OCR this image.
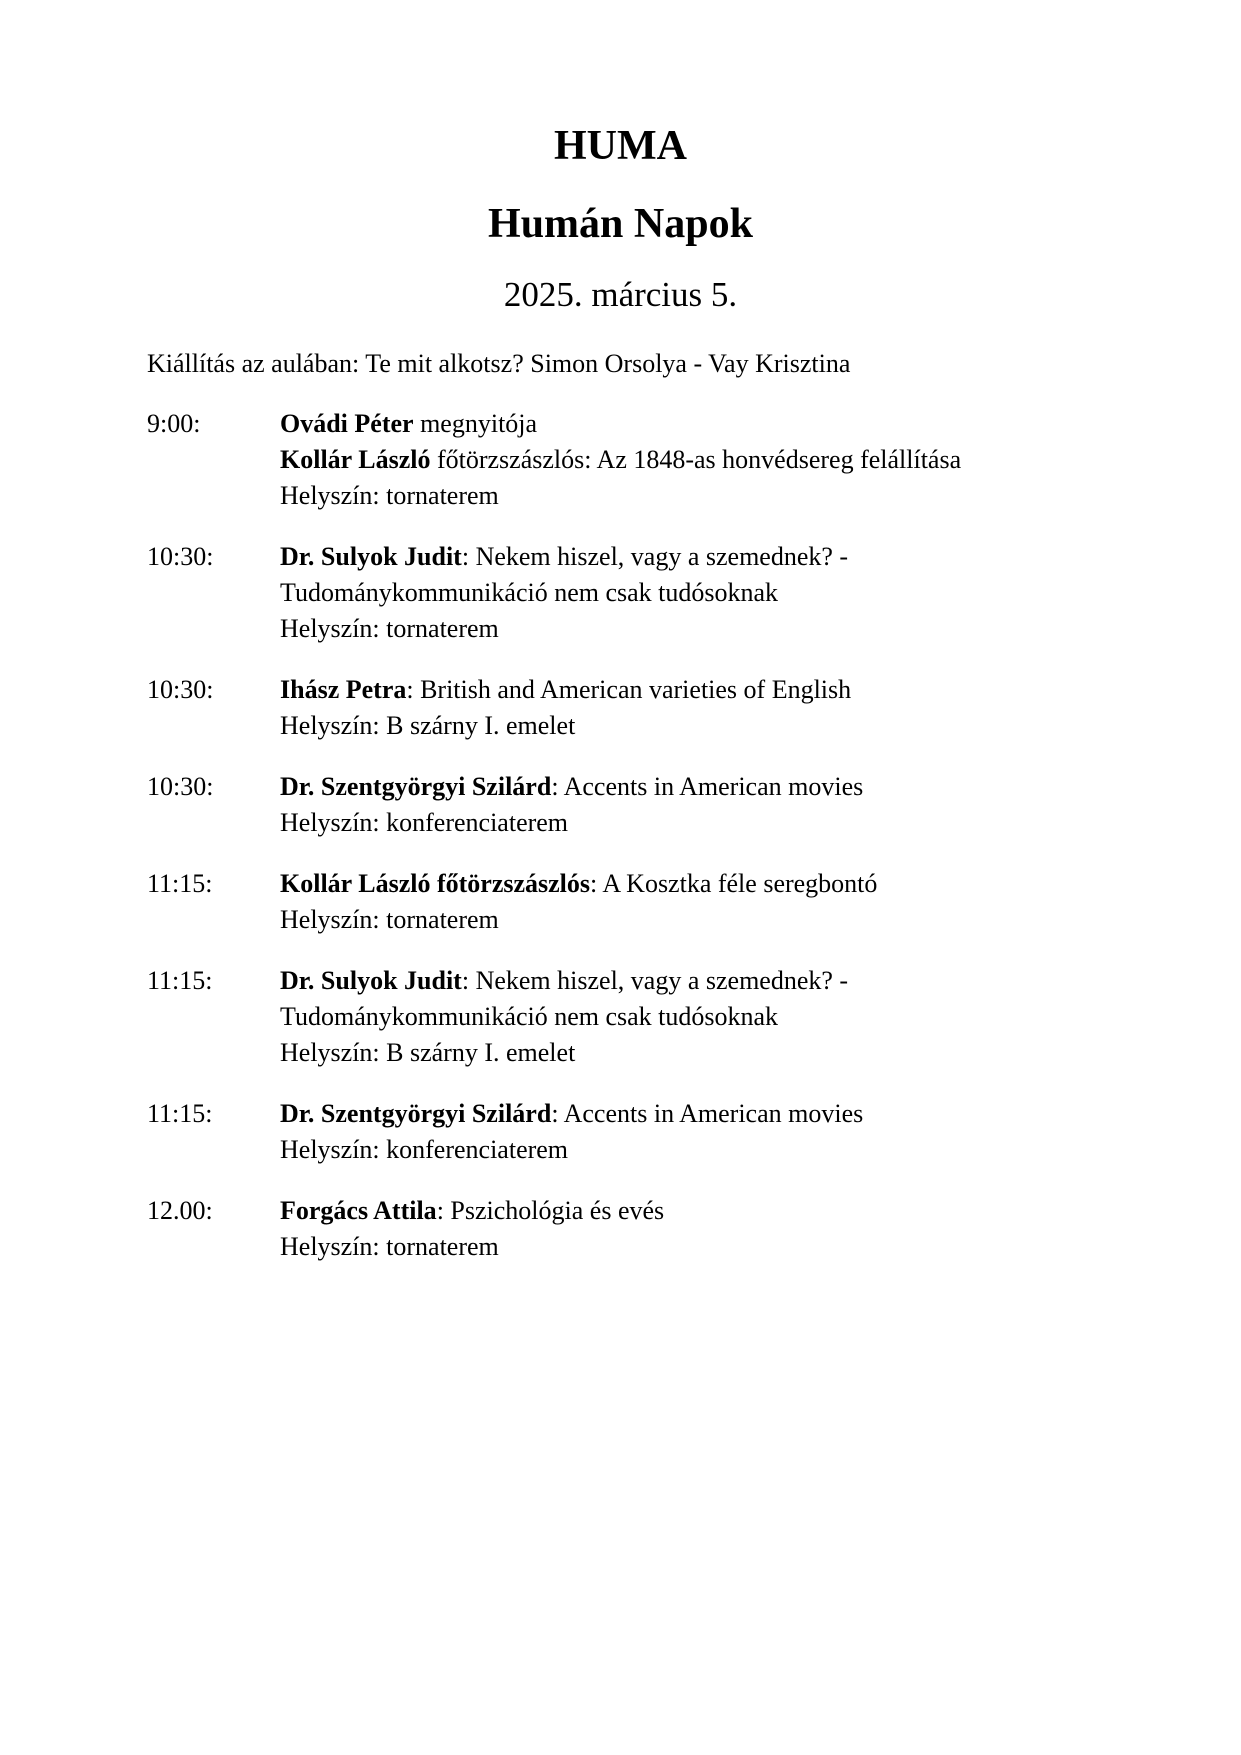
HUMA
Humán Napok
2025. március 5.
Kiállítás az aulában: Te mit alkotsz? Simon Orsolya - Vay Krisztina
9:00:	Ovádi Péter megnyitója
Kollár László főtörzszászlós: Az 1848-as honvédsereg felállítása
Helyszín: tornaterem
10:30:	Dr. Sulyok Judit: Nekem hiszel, vagy a szemednek? -
Tudománykommunikáció nem csak tudósoknak
Helyszín: tornaterem
10:30:	Ihász Petra: British and American varieties of English
Helyszín: B szárny I. emelet
10:30:	Dr. Szentgyörgyi Szilárd: Accents in American movies
Helyszín: konferenciaterem
11:15:	Kollár László főtörzszászlós: A Kosztka féle seregbontó
Helyszín: tornaterem
11:15:	Dr. Sulyok Judit: Nekem hiszel, vagy a szemednek? -
Tudománykommunikáció nem csak tudósoknak
Helyszín: B szárny I. emelet
11:15:	Dr. Szentgyörgyi Szilárd: Accents in American movies
Helyszín: konferenciaterem
12.00:	Forgács Attila: Pszichológia és evés
Helyszín: tornaterem
